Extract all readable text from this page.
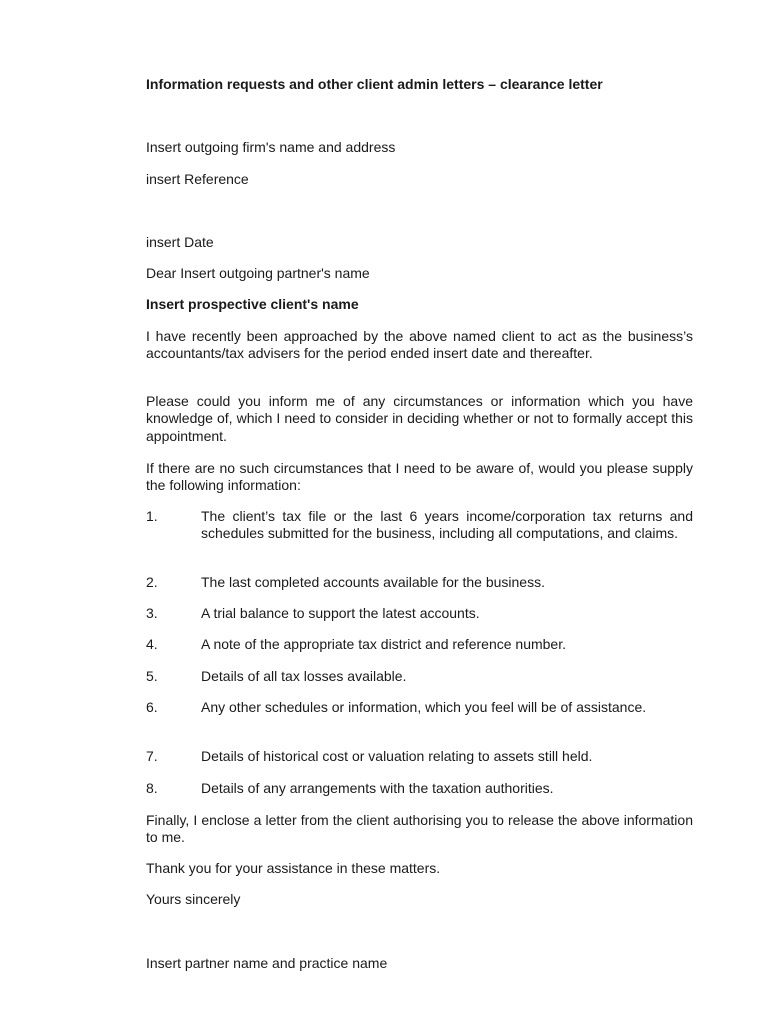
Information requests and other client admin letters – clearance letter
Insert outgoing firm's name and address
insert Reference
insert Date
Dear Insert outgoing partner's name
Insert prospective client's name
I have recently been approached by the above named client to act as the business’s accountants/tax advisers for the period ended insert date and thereafter.
Please could you inform me of any circumstances or information which you have knowledge of, which I need to consider in deciding whether or not to formally accept this appointment.
If there are no such circumstances that I need to be aware of, would you please supply the following information:
1.	The client’s tax file or the last 6 years income/corporation tax returns and schedules submitted for the business, including all computations, and claims.
2.	The last completed accounts available for the business.
3.	A trial balance to support the latest accounts.
4.	A note of the appropriate tax district and reference number.
5.	Details of all tax losses available.
6.	Any other schedules or information, which you feel will be of assistance.
7.	Details of historical cost or valuation relating to assets still held.
8.	Details of any arrangements with the taxation authorities.
Finally, I enclose a letter from the client authorising you to release the above information to me.
Thank you for your assistance in these matters.
Yours sincerely
Insert partner name and practice name
